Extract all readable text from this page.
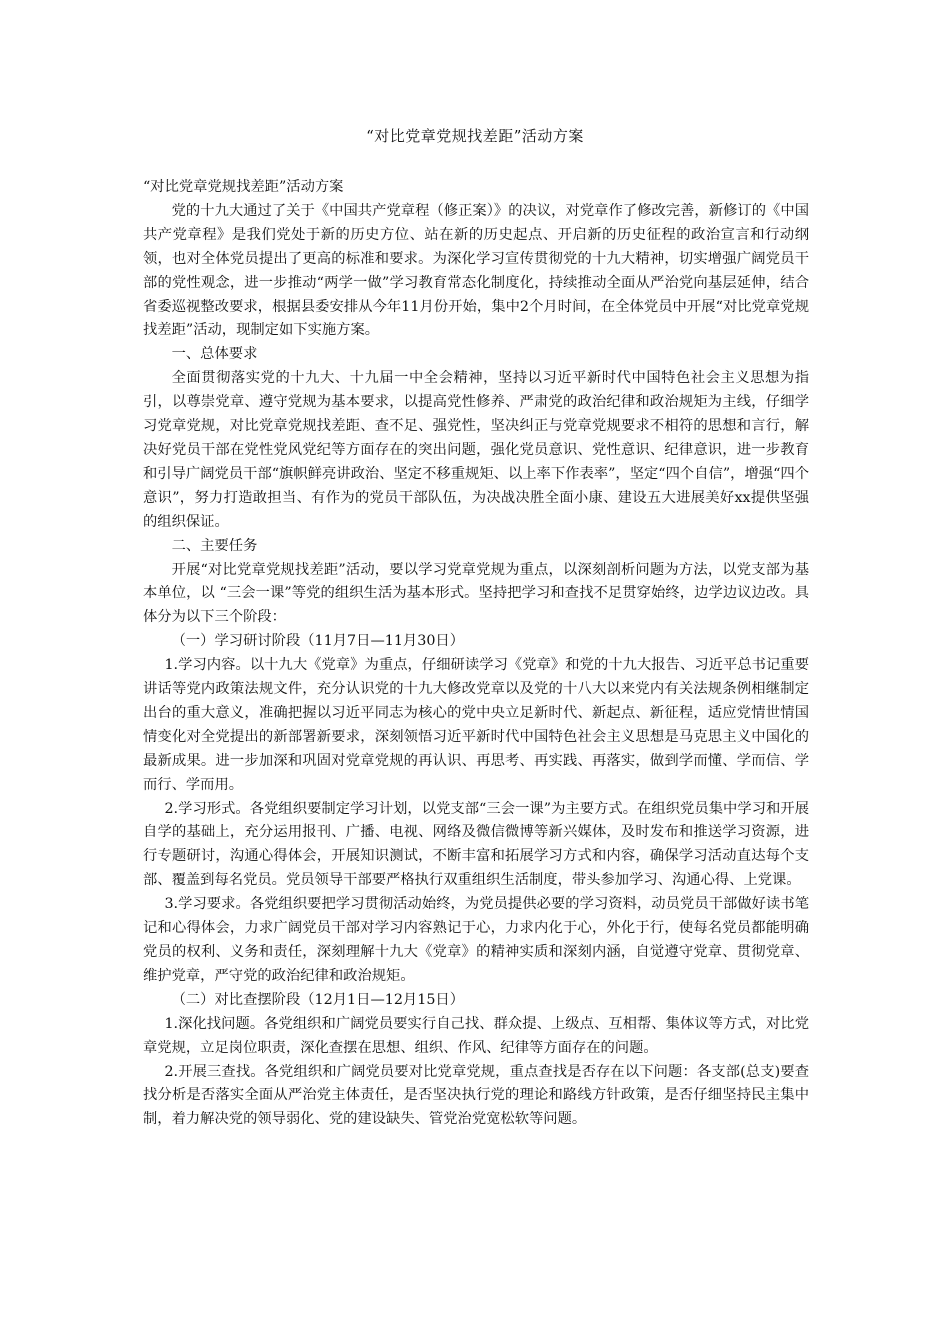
“对比党章党规找差距”活动方案

“对比党章党规找差距”活动方案

党的十九大通过了关于《中国共产党章程（修正案）》的决议，对党章作了修改完善，新修订的《中国共产党章程》是我们党处于新的历史方位、站在新的历史起点、开启新的历史征程的政治宣言和行动纲领，也对全体党员提出了更高的标准和要求。为深化学习宣传贯彻党的十九大精神，切实增强广阔党员干部的党性观念，进一步推动“两学一做”学习教育常态化制度化，持续推动全面从严治党向基层延伸，结合省委巡视整改要求，根据县委安排从今年11月份开始，集中2个月时间，在全体党员中开展“对比党章党规找差距”活动，现制定如下实施方案。

一、总体要求

全面贯彻落实党的十九大、十九届一中全会精神，坚持以习近平新时代中国特色社会主义思想为指引，以尊崇党章、遵守党规为基本要求，以提高党性修养、严肃党的政治纪律和政治规矩为主线，仔细学习党章党规，对比党章党规找差距、查不足、强党性，坚决纠正与党章党规要求不相符的思想和言行，解决好党员干部在党性党风党纪等方面存在的突出问题，强化党员意识、党性意识、纪律意识，进一步教育和引导广阔党员干部“旗帜鲜亮讲政治、坚定不移重规矩、以上率下作表率”，坚定“四个自信”，增强“四个意识”，努力打造敢担当、有作为的党员干部队伍，为决战决胜全面小康、建设五大进展美好xx提供坚强的组织保证。

二、主要任务

开展“对比党章党规找差距”活动，要以学习党章党规为重点，以深刻剖析问题为方法，以党支部为基本单位，以 “三会一课”等党的组织生活为基本形式。坚持把学习和查找不足贯穿始终，边学边议边改。具体分为以下三个阶段：

（一）学习研讨阶段（11月7日—11月30日）

1.学习内容。以十九大《党章》为重点，仔细研读学习《党章》和党的十九大报告、习近平总书记重要讲话等党内政策法规文件，充分认识党的十九大修改党章以及党的十八大以来党内有关法规条例相继制定出台的重大意义，准确把握以习近平同志为核心的党中央立足新时代、新起点、新征程，适应党情世情国情变化对全党提出的新部署新要求，深刻领悟习近平新时代中国特色社会主义思想是马克思主义中国化的最新成果。进一步加深和巩固对党章党规的再认识、再思考、再实践、再落实，做到学而懂、学而信、学而行、学而用。

2.学习形式。各党组织要制定学习计划，以党支部“三会一课”为主要方式。在组织党员集中学习和开展自学的基础上，充分运用报刊、广播、电视、网络及微信微博等新兴媒体，及时发布和推送学习资源，进行专题研讨，沟通心得体会，开展知识测试，不断丰富和拓展学习方式和内容，确保学习活动直达每个支部、覆盖到每名党员。党员领导干部要严格执行双重组织生活制度，带头参加学习、沟通心得、上党课。

3.学习要求。各党组织要把学习贯彻活动始终，为党员提供必要的学习资料，动员党员干部做好读书笔记和心得体会，力求广阔党员干部对学习内容熟记于心，力求内化于心，外化于行，使每名党员都能明确党员的权利、义务和责任，深刻理解十九大《党章》的精神实质和深刻内涵，自觉遵守党章、贯彻党章、维护党章，严守党的政治纪律和政治规矩。

（二）对比查摆阶段（12月1日—12月15日）

1.深化找问题。各党组织和广阔党员要实行自己找、群众提、上级点、互相帮、集体议等方式，对比党章党规，立足岗位职责，深化查摆在思想、组织、作风、纪律等方面存在的问题。

2.开展三查找。各党组织和广阔党员要对比党章党规，重点查找是否存在以下问题：各支部(总支)要查找分析是否落实全面从严治党主体责任，是否坚决执行党的理论和路线方针政策，是否仔细坚持民主集中制，着力解决党的领导弱化、党的建设缺失、管党治党宽松软等问题。
